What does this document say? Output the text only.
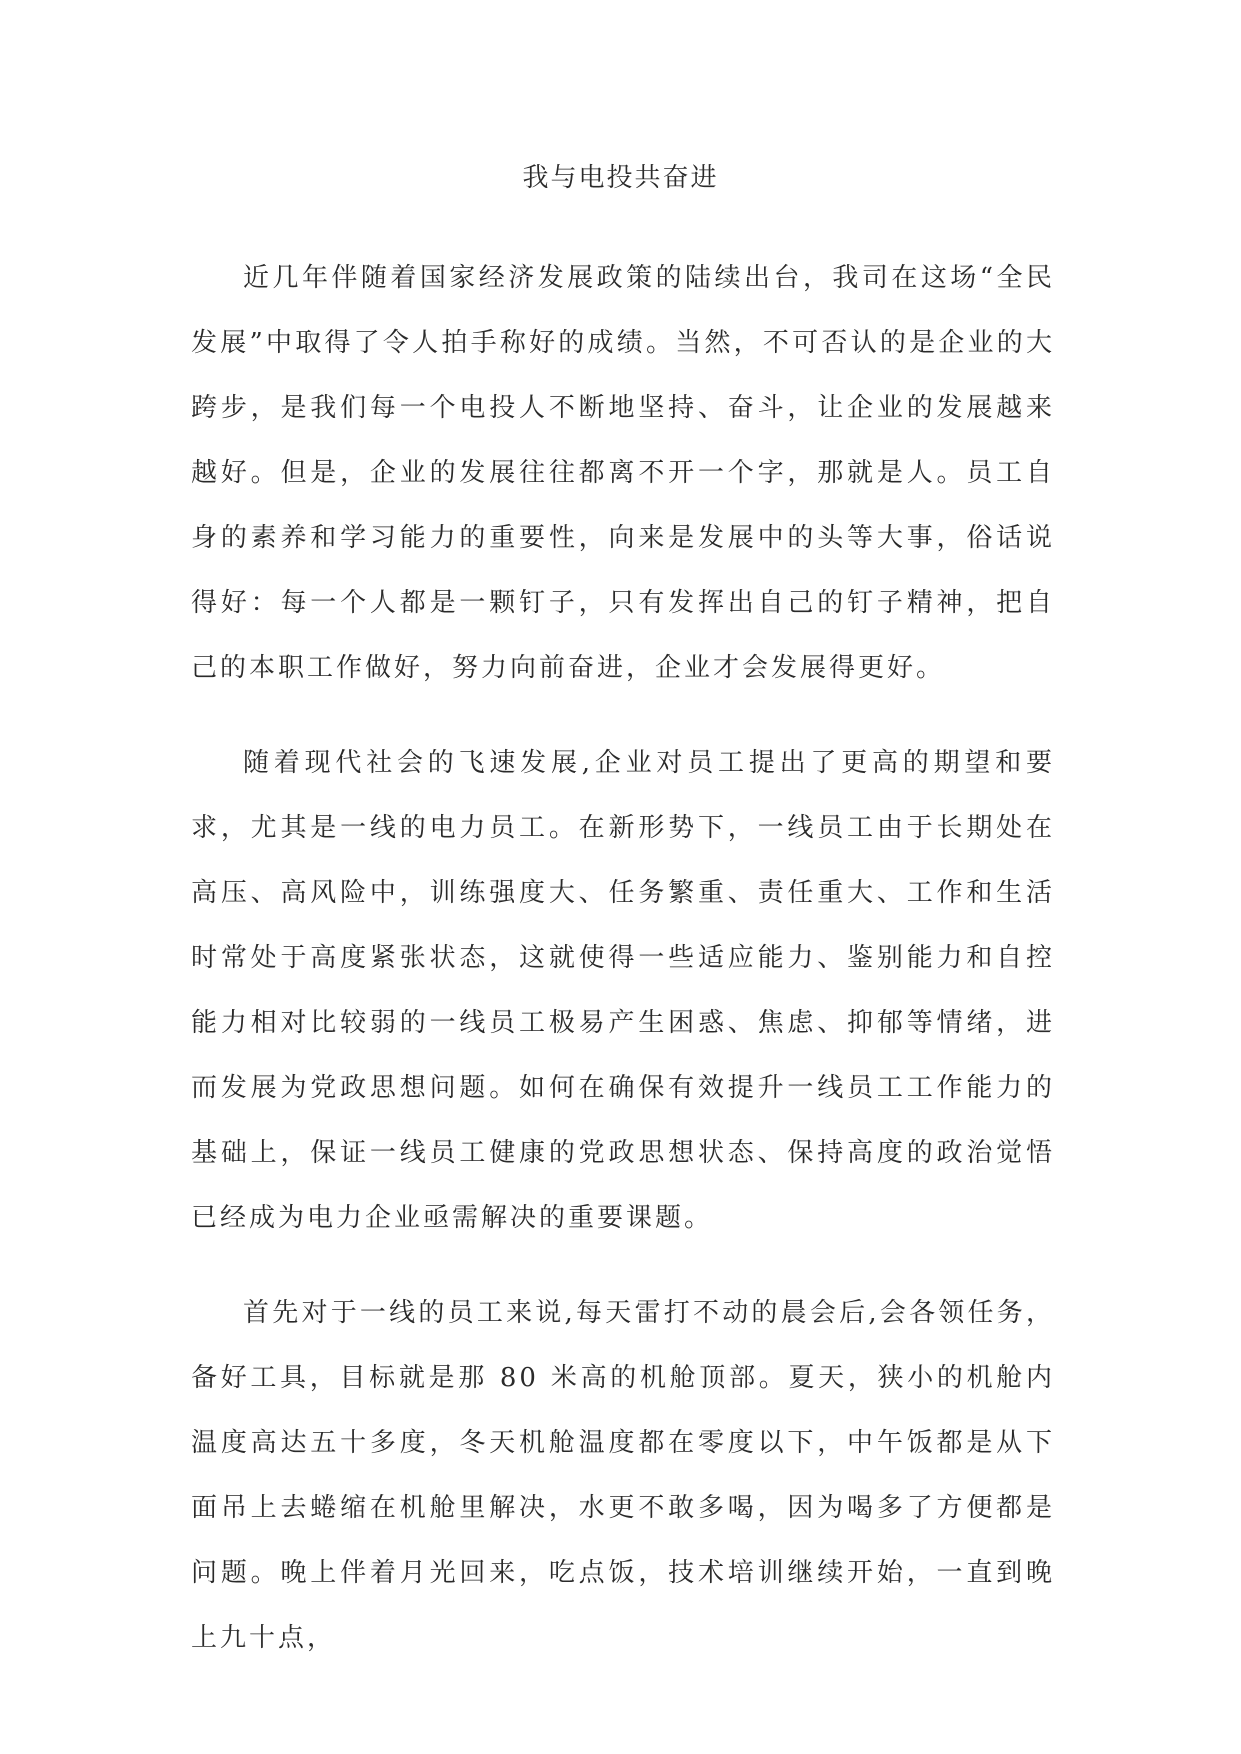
我与电投共奋进

近几年伴随着国家经济发展政策的陆续出台，我司在这场“全民发展”中取得了令人拍手称好的成绩。当然，不可否认的是企业的大跨步，是我们每一个电投人不断地坚持、奋斗，让企业的发展越来越好。但是，企业的发展往往都离不开一个字，那就是人。员工自身的素养和学习能力的重要性，向来是发展中的头等大事，俗话说得好：每一个人都是一颗钉子，只有发挥出自己的钉子精神，把自己的本职工作做好，努力向前奋进，企业才会发展得更好。

随着现代社会的飞速发展,企业对员工提出了更高的期望和要求，尤其是一线的电力员工。在新形势下，一线员工由于长期处在高压、高风险中，训练强度大、任务繁重、责任重大、工作和生活时常处于高度紧张状态，这就使得一些适应能力、鉴别能力和自控能力相对比较弱的一线员工极易产生困惑、焦虑、抑郁等情绪，进而发展为党政思想问题。如何在确保有效提升一线员工工作能力的基础上，保证一线员工健康的党政思想状态、保持高度的政治觉悟已经成为电力企业亟需解决的重要课题。

首先对于一线的员工来说,每天雷打不动的晨会后,会各领任务，备好工具，目标就是那 80 米高的机舱顶部。夏天，狭小的机舱内温度高达五十多度，冬天机舱温度都在零度以下，中午饭都是从下面吊上去蜷缩在机舱里解决，水更不敢多喝，因为喝多了方便都是问题。晚上伴着月光回来，吃点饭，技术培训继续开始，一直到晚上九十点，
